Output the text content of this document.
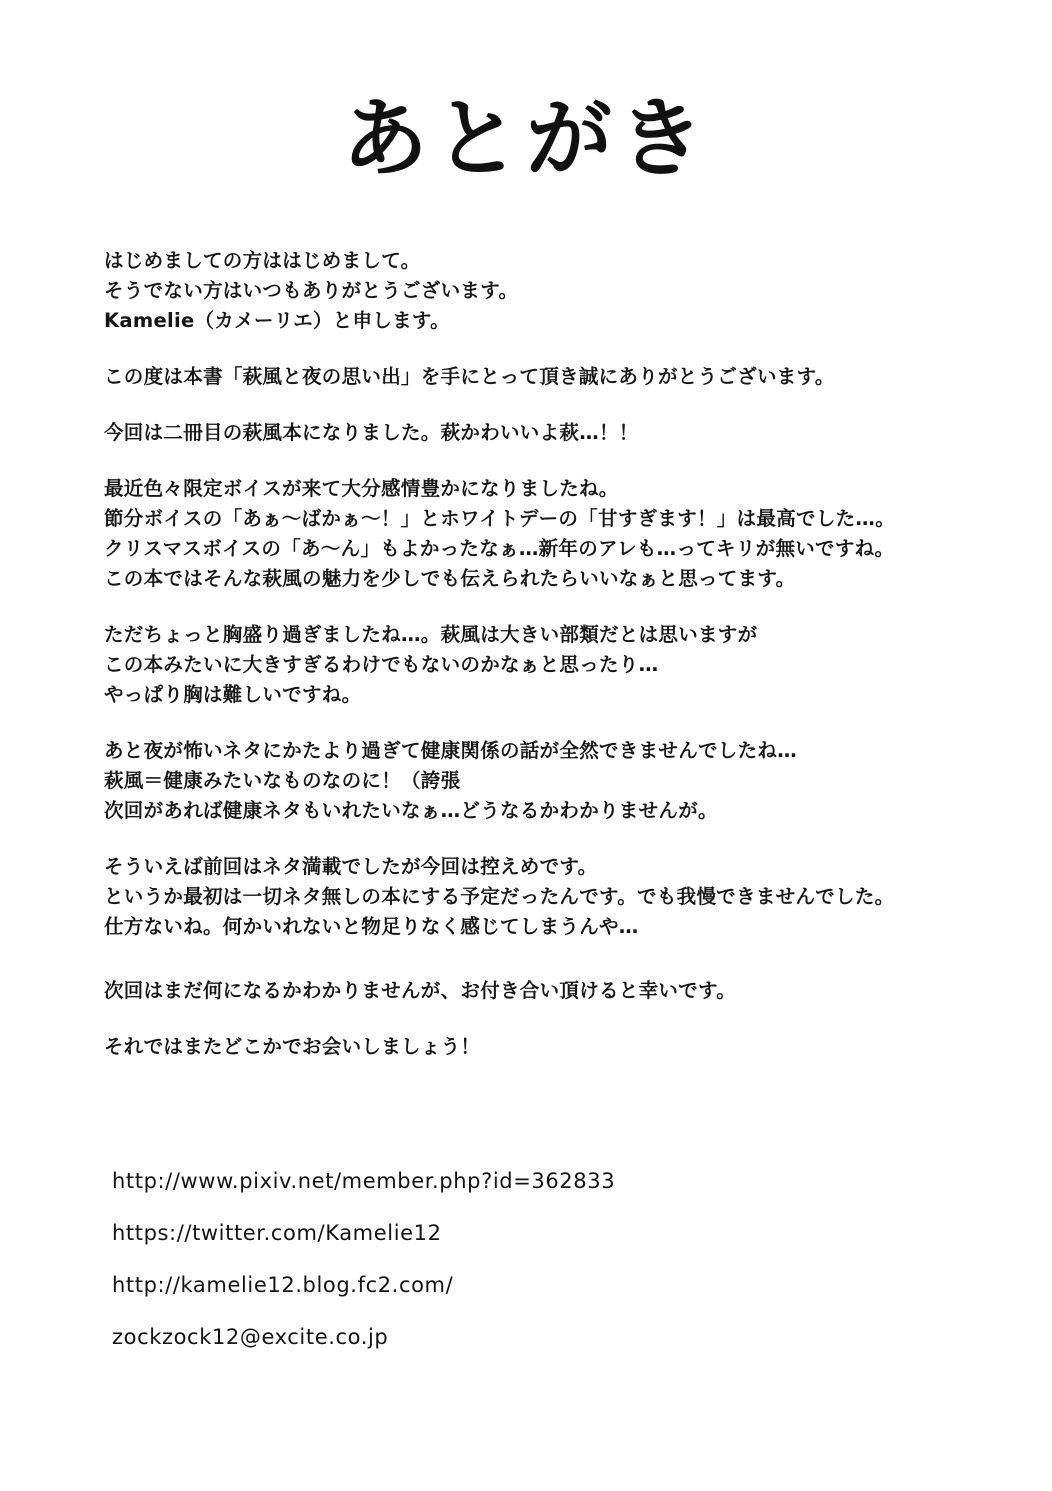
あとがき

はじめましての方ははじめまして。

そうでない方はいつもありがとうございます。

Kamelie（カメーリエ）と申します。

この度は本書「萩風と夜の思い出」を手にとって頂き誠にありがとうございます。

今回は二冊目の萩風本になりました。萩かわいいよ萩…！！

最近色々限定ボイスが来て大分感情豊かになりましたね。

節分ボイスの「あぁ～ばかぁ～！」とホワイトデーの「甘すぎます！」は最高でした…。

クリスマスボイスの「あ～ん」もよかったなぁ…新年のアレも…ってキリが無いですね。

この本ではそんな萩風の魅力を少しでも伝えられたらいいなぁと思ってます。

ただちょっと胸盛り過ぎましたね…。萩風は大きい部類だとは思いますが

この本みたいに大きすぎるわけでもないのかなぁと思ったり…

やっぱり胸は難しいですね。

あと夜が怖いネタにかたより過ぎて健康関係の話が全然できませんでしたね…

萩風＝健康みたいなものなのに！（誇張

次回があれば健康ネタもいれたいなぁ…どうなるかわかりませんが。

そういえば前回はネタ満載でしたが今回は控えめです。

というか最初は一切ネタ無しの本にする予定だったんです。でも我慢できませんでした。

仕方ないね。何かいれないと物足りなく感じてしまうんや…

次回はまだ何になるかわかりませんが、お付き合い頂けると幸いです。

それではまたどこかでお会いしましょう！

http://www.pixiv.net/member.php?id=362833
https://twitter.com/Kamelie12
http://kamelie12.blog.fc2.com/
zockzock12@excite.co.jp
